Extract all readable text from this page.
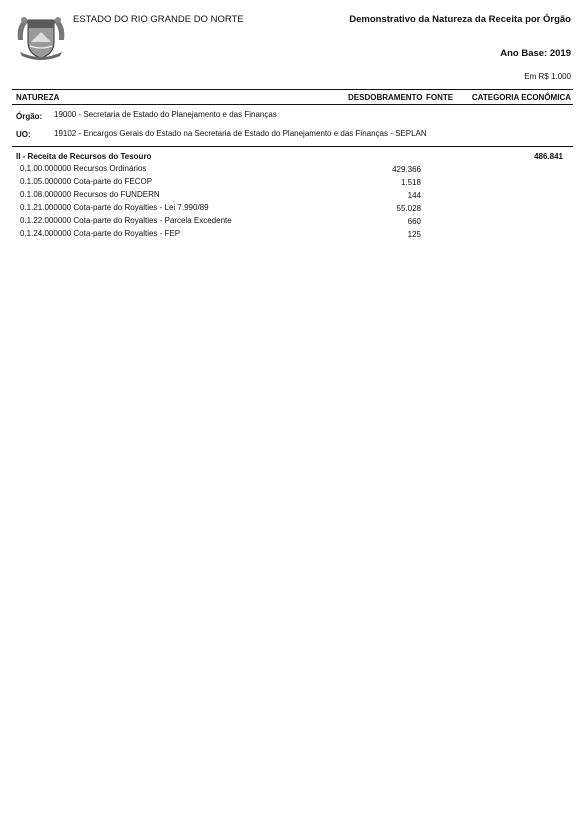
ESTADO DO RIO GRANDE DO NORTE	Demonstrativo da Natureza da Receita por Órgão
Ano Base: 2019
Em R$ 1.000
NATUREZA	DESDOBRAMENTO FONTE CATEGORIA ECONÔMICA
Órgão: 19000 - Secretaria de Estado do Planejamento e das Finanças
UO:	19102 - Encargos Gerais do Estado na Secretaria de Estado do Planejamento e das Finanças - SEPLAN
II - Receita de Recursos do Tesouro	486.841
0.1.00.000000 Recursos Ordinários	429.366
0.1.05.000000 Cota-parte do FECOP	1.518
0.1.08.000000 Recursos do FUNDERN	144
0.1.21.000000 Cota-parte do Royalties - Lei 7.990/89	55.028
0.1.22.000000 Cota-parte do Royalties - Parcela Excedente	660
0.1.24.000000 Cota-parte do Royalties - FEP	125
